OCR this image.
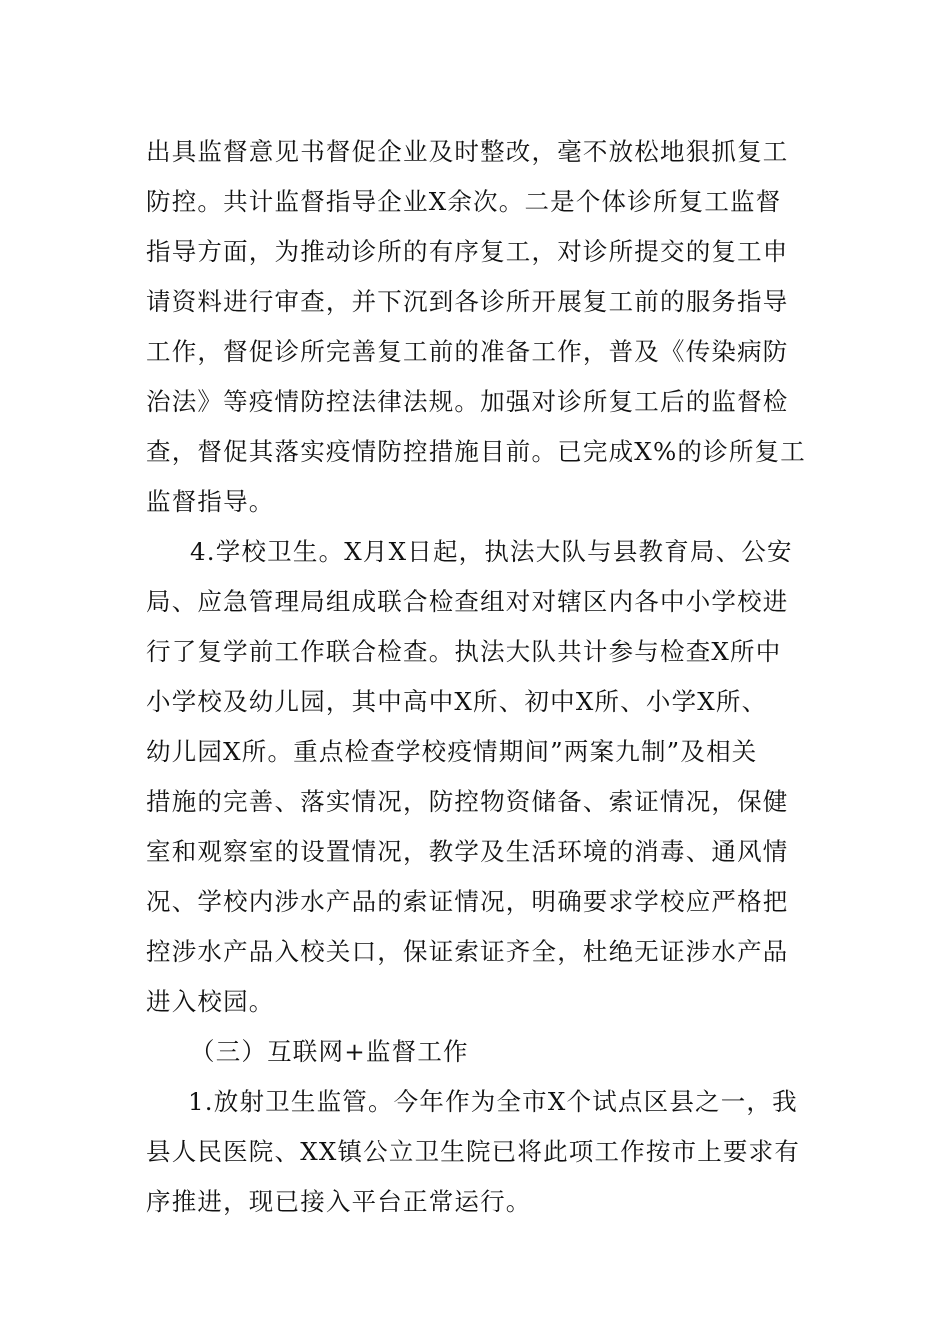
出具监督意见书督促企业及时整改，毫不放松地狠抓复工
防控。共计监督指导企业X余次。二是个体诊所复工监督
指导方面，为推动诊所的有序复工，对诊所提交的复工申
请资料进行审查，并下沉到各诊所开展复工前的服务指导
工作，督促诊所完善复工前的准备工作，普及《传染病防
治法》等疫情防控法律法规。加强对诊所复工后的监督检
查，督促其落实疫情防控措施目前。已完成X%的诊所复工
监督指导。
4.学校卫生。X月X日起，执法大队与县教育局、公安
局、应急管理局组成联合检查组对对辖区内各中小学校进
行了复学前工作联合检查。执法大队共计参与检查X所中
小学校及幼儿园，其中高中X所、初中X所、小学X所、
幼儿园X所。重点检查学校疫情期间”两案九制”及相关
措施的完善、落实情况，防控物资储备、索证情况，保健
室和观察室的设置情况，教学及生活环境的消毒、通风情
况、学校内涉水产品的索证情况，明确要求学校应严格把
控涉水产品入校关口，保证索证齐全，杜绝无证涉水产品
进入校园。
（三）互联网+监督工作
1.放射卫生监管。今年作为全市X个试点区县之一，我
县人民医院、XX镇公立卫生院已将此项工作按市上要求有
序推进，现已接入平台正常运行。
